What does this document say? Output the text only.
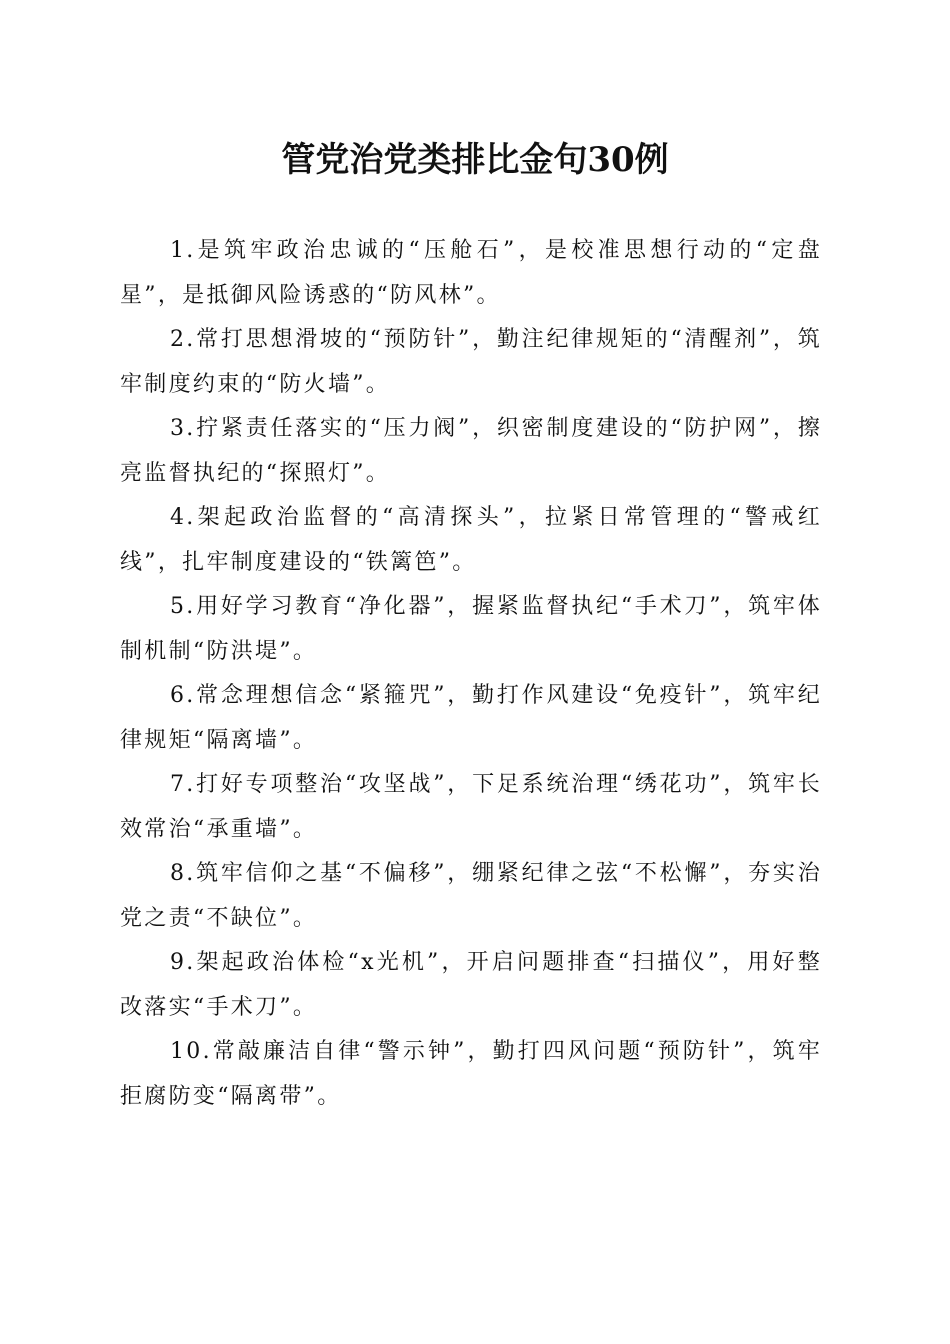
管党治党类排比金句30例

1.是筑牢政治忠诚的“压舱石”，是校准思想行动的“定盘星”，是抵御风险诱惑的“防风林”。

2.常打思想滑坡的“预防针”，勤注纪律规矩的“清醒剂”，筑牢制度约束的“防火墙”。

3.拧紧责任落实的“压力阀”，织密制度建设的“防护网”，擦亮监督执纪的“探照灯”。

4.架起政治监督的“高清探头”，拉紧日常管理的“警戒红线”，扎牢制度建设的“铁篱笆”。

5.用好学习教育“净化器”，握紧监督执纪“手术刀”，筑牢体制机制“防洪堤”。

6.常念理想信念“紧箍咒”，勤打作风建设“免疫针”，筑牢纪律规矩“隔离墙”。

7.打好专项整治“攻坚战”，下足系统治理“绣花功”，筑牢长效常治“承重墙”。

8.筑牢信仰之基“不偏移”，绷紧纪律之弦“不松懈”，夯实治党之责“不缺位”。

9.架起政治体检“x光机”，开启问题排查“扫描仪”，用好整改落实“手术刀”。

10.常敲廉洁自律“警示钟”，勤打四风问题“预防针”，筑牢拒腐防变“隔离带”。
